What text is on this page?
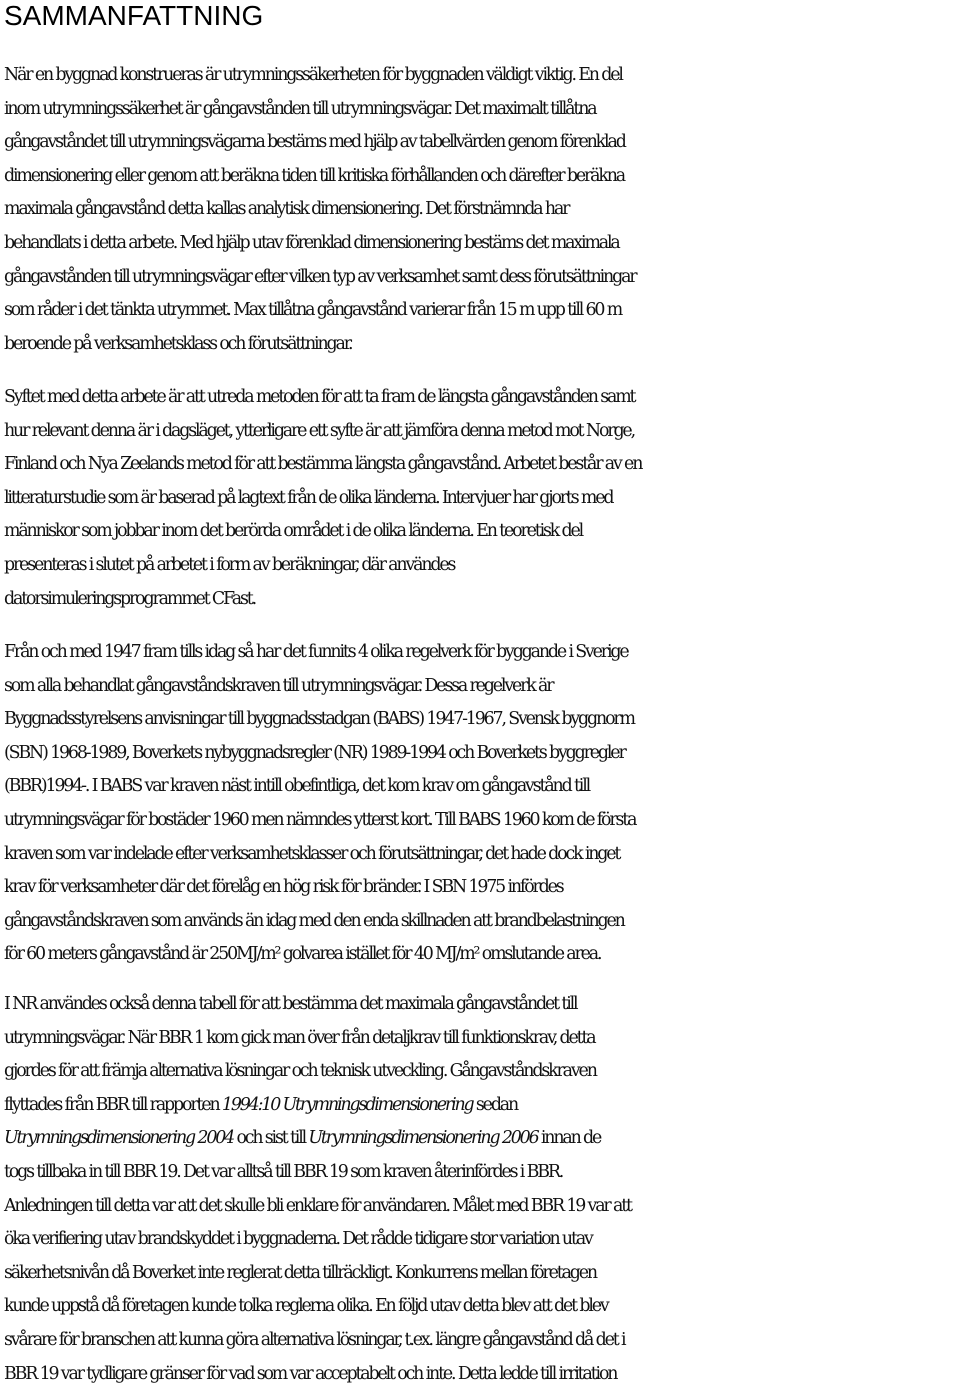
SAMMANFATTNING
När en byggnad konstrueras är utrymningssäkerheten för byggnaden väldigt viktig. En del
inom utrymningssäkerhet är gångavstånden till utrymningsvägar. Det maximalt tillåtna
gångavståndet till utrymningsvägarna bestäms med hjälp av tabellvärden genom förenklad
dimensionering eller genom att beräkna tiden till kritiska förhållanden och därefter beräkna
maximala gångavstånd detta kallas analytisk dimensionering. Det förstnämnda har
behandlats i detta arbete. Med hjälp utav förenklad dimensionering bestäms det maximala
gångavstånden till utrymningsvägar efter vilken typ av verksamhet samt dess förutsättningar
som råder i det tänkta utrymmet. Max tillåtna gångavstånd varierar från 15 m upp till 60 m
beroende på verksamhetsklass och förutsättningar.
Syftet med detta arbete är att utreda metoden för att ta fram de längsta gångavstånden samt
hur relevant denna är i dagsläget, ytterligare ett syfte är att jämföra denna metod mot Norge,
Finland och Nya Zeelands metod för att bestämma längsta gångavstånd. Arbetet består av en
litteraturstudie som är baserad på lagtext från de olika länderna. Intervjuer har gjorts med
människor som jobbar inom det berörda området i de olika länderna. En teoretisk del
presenteras i slutet på arbetet i form av beräkningar, där användes
datorsimuleringsprogrammet CFast.
Från och med 1947 fram tills idag så har det funnits 4 olika regelverk för byggande i Sverige
som alla behandlat gångavståndskraven till utrymningsvägar. Dessa regelverk är
Byggnadsstyrelsens anvisningar till byggnadsstadgan (BABS) 1947-1967, Svensk byggnorm
(SBN) 1968-1989, Boverkets nybyggnadsregler (NR) 1989-1994 och Boverkets byggregler
(BBR)1994-. I BABS var kraven näst intill obefintliga, det kom krav om gångavstånd till
utrymningsvägar för bostäder 1960 men nämndes ytterst kort. Till BABS 1960 kom de första
kraven som var indelade efter verksamhetsklasser och förutsättningar, det hade dock inget
krav för verksamheter där det förelåg en hög risk för bränder. I SBN 1975 infördes
gångavståndskraven som används än idag med den enda skillnaden att brandbelastningen
för 60 meters gångavstånd är 250MJ/m² golvarea istället för 40 MJ/m² omslutande area.
I NR användes också denna tabell för att bestämma det maximala gångavståndet till
utrymningsvägar. När BBR 1 kom gick man över från detaljkrav till funktionskrav, detta
gjordes för att främja alternativa lösningar och teknisk utveckling. Gångavståndskraven
flyttades från BBR till rapporten 1994:10 Utrymningsdimensionering sedan
Utrymningsdimensionering 2004 och sist till Utrymningsdimensionering 2006 innan de
togs tillbaka in till BBR 19. Det var alltså till BBR 19 som kraven återinfördes i BBR.
Anledningen till detta var att det skulle bli enklare för användaren. Målet med BBR 19 var att
öka verifiering utav brandskyddet i byggnaderna. Det rådde tidigare stor variation utav
säkerhetsnivån då Boverket inte reglerat detta tillräckligt. Konkurrens mellan företagen
kunde uppstå då företagen kunde tolka reglerna olika. En följd utav detta blev att det blev
svårare för branschen att kunna göra alternativa lösningar, t.ex. längre gångavstånd då det i
BBR 19 var tydligare gränser för vad som var acceptabelt och inte. Detta ledde till irritation
